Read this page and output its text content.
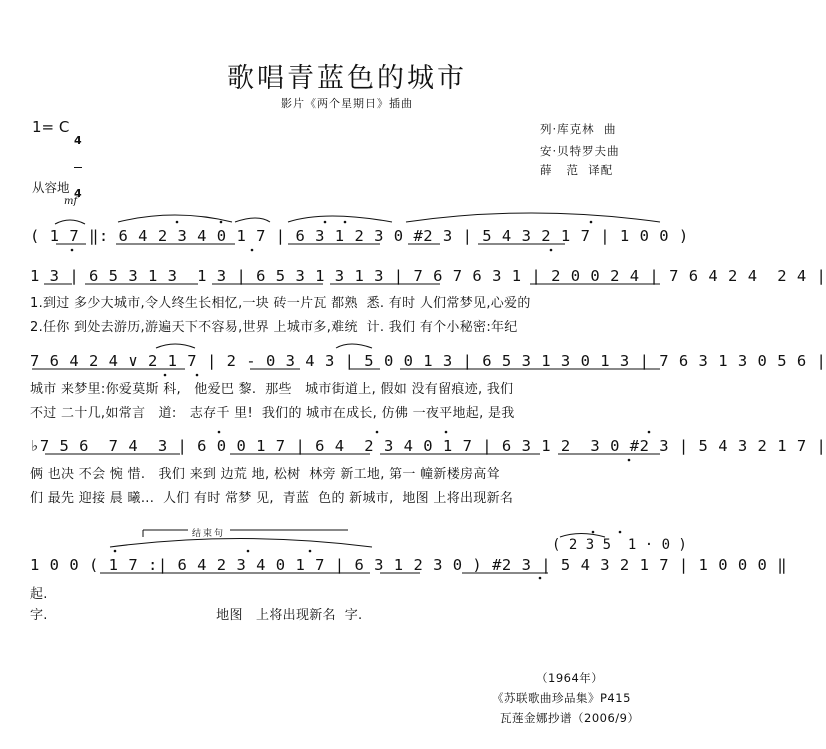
歌唱青蓝色的城市
影片《两个星期日》插曲
1= C

4

4

列·库克林  曲
安·贝特罗夫曲
薛   范  译配
从容地
mf
( 1 7 ‖: 6 4 2 3 4 0 1 7 | 6 3 1 2 3 0 #2 3 | 5 4 3 2 1 7 | 1 0 0 )
1 3 | 6 5 3 1 3  1 3 | 6 5 3 1 3 1 3 | 7 6 7 6 3 1 | 2 0 0 2 4 | 7 6 4 2 4  2 4 |
1.到过 多少大城市,令人终生长相忆,一块 砖一片瓦 都熟  悉. 有时 人们常梦见,心爱的
2.任你 到处去游历,游遍天下不容易,世界 上城市多,难统  计. 我们 有个小秘密:年纪
7 6 4 2 4 ∨ 2 1 7 | 2 - 0 3 4 3 | 5 0 0 1 3 | 6 5 3 1 3 0 1 3 | 7 6 3 1 3 0 5 6 |
城市 来梦里:你爱莫斯 科,   他爱巴 黎.  那些   城市街道上, 假如 没有留痕迹, 我们
不过 二十几,如常言   道:   志存千 里!  我们的 城市在成长, 仿佛 一夜平地起, 是我
♭7 5 6  7 4  3 | 6 0 0 1 7 | 6 4  2 3 4 0 1 7 | 6 3 1 2  3 0 #2 3 | 5 4 3 2 1 7 |
俩 也决 不会 惋 惜.   我们 来到 边荒 地, 松树  林旁 新工地, 第一 幢新楼房高耸
们 最先 迎接 晨 曦...  人们 有时 常梦 见,  青蓝  色的 新城市,  地图 上将出现新名
结束句
( 2 3 5  1 · 0 )
1 0 0 ( 1 7 :| 6 4 2 3 4 0 1 7 | 6 3 1 2 3 0 ) #2 3 | 5 4 3 2 1 7 | 1 0 0 0 ‖
起.
字.                                      地图   上将出现新名  字.
（1964年）
《苏联歌曲珍品集》P415
瓦莲金娜抄谱（2006/9）
